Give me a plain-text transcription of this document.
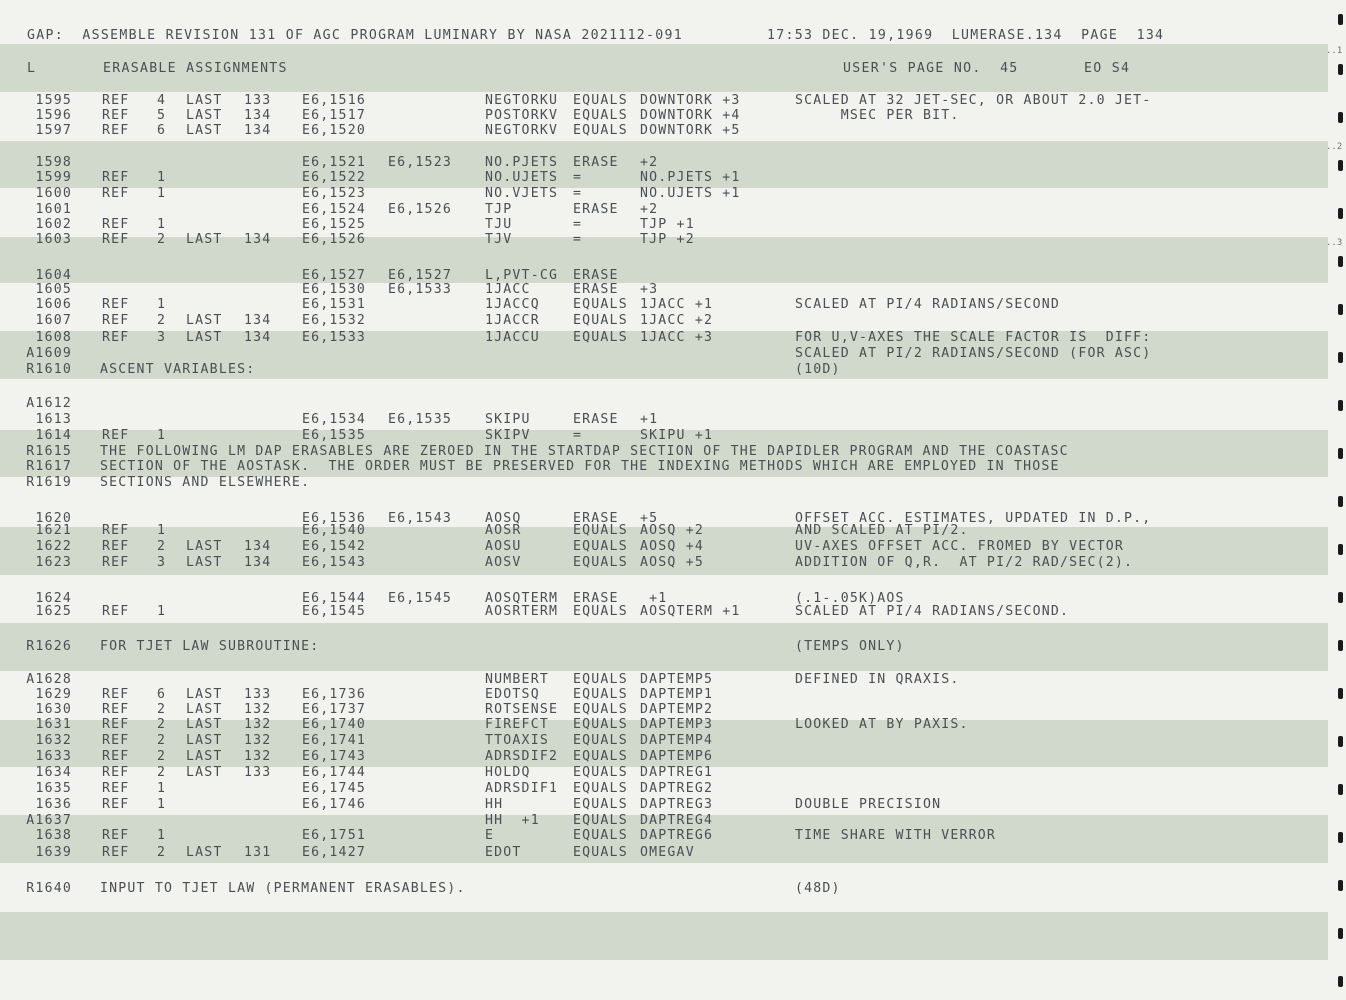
..1
..2
..3

GAP:  ASSEMBLE REVISION 131 OF AGC PROGRAM LUMINARY BY NASA 2021112-091

	17:53 DEC. 19,1969  LUMERASE.134  PAGE  134

L

	ERASABLE ASSIGNMENTS

	USER'S PAGE NO.  45

	EO S4

1595 REF 4 LAST 133 E6,1516	NEGTORKU EQUALS DOWNTORK +3	SCALED AT 32 JET-SEC, OR ABOUT 2.0 JET-
1596 REF 5 LAST 134 E6,1517	POSTORKV EQUALS DOWNTORK +4	MSEC PER BIT.
1597 REF 6 LAST 134 E6,1520	NEGTORKV EQUALS DOWNTORK +5
1598	E6,1521 E6,1523	NO.PJETS ERASE +2
1599 REF 1	E6,1522	NO.UJETS =	NO.PJETS +1
1600 REF 1	E6,1523	NO.VJETS =	NO.UJETS +1
1601	E6,1524 E6,1526	TJP	ERASE +2
1602 REF 1	E6,1525	TJU	=	TJP +1
1603 REF 2 LAST 134 E6,1526	TJV	=	TJP +2
1604	E6,1527 E6,1527	L,PVT-CG ERASE
1605	E6,1530 E6,1533	1JACC	ERASE +3
1606 REF 1	E6,1531	1JACCQ	EQUALS 1JACC +1	SCALED AT PI/4 RADIANS/SECOND
1607 REF 2 LAST 134 E6,1532	1JACCR	EQUALS 1JACC +2
1608 REF 3 LAST 134 E6,1533	1JACCU	EQUALS 1JACC +3	FOR U,V-AXES THE SCALE FACTOR IS  DIFF:
A1609	SCALED AT PI/2 RADIANS/SECOND (FOR ASC)
R1610 ASCENT VARIABLES:	(10D)
A1612
1613	E6,1534 E6,1535	SKIPU	ERASE +1
1614 REF 1	E6,1535	SKIPV	=	SKIPU +1
R1615 THE FOLLOWING LM DAP ERASABLES ARE ZEROED IN THE STARTDAP SECTION OF THE DAPIDLER PROGRAM AND THE COASTASC
R1617 SECTION OF THE AOSTASK.  THE ORDER MUST BE PRESERVED FOR THE INDEXING METHODS WHICH ARE EMPLOYED IN THOSE
R1619 SECTIONS AND ELSEWHERE.
1620	E6,1536 E6,1543	AOSQ	ERASE +5	OFFSET ACC. ESTIMATES, UPDATED IN D.P.,
1621 REF 1	E6,1540	AOSR	EQUALS AOSQ +2	AND SCALED AT PI/2.
1622 REF 2 LAST 134 E6,1542	AOSU	EQUALS AOSQ +4	UV-AXES OFFSET ACC. FROMED BY VECTOR
1623 REF 3 LAST 134 E6,1543	AOSV	EQUALS AOSQ +5	ADDITION OF Q,R.  AT PI/2 RAD/SEC(2).
1624	E6,1544 E6,1545	AOSQTERM ERASE +1	(.1-.05K)AOS
1625 REF 1	E6,1545	AOSRTERM EQUALS AOSQTERM +1	SCALED AT PI/4 RADIANS/SECOND.
R1626 FOR TJET LAW SUBROUTINE:	(TEMPS ONLY)
A1628	NUMBERT EQUALS DAPTEMP5	DEFINED IN QRAXIS.
1629 REF 6 LAST 133 E6,1736	EDOTSQ	EQUALS DAPTEMP1
1630 REF 2 LAST 132 E6,1737	ROTSENSE EQUALS DAPTEMP2
1631 REF 2 LAST 132 E6,1740	FIREFCT EQUALS DAPTEMP3	LOOKED AT BY PAXIS.
1632 REF 2 LAST 132 E6,1741	TTOAXIS EQUALS DAPTEMP4
1633 REF 2 LAST 132 E6,1743	ADRSDIF2 EQUALS DAPTEMP6
1634 REF 2 LAST 133 E6,1744	HOLDQ	EQUALS DAPTREG1
1635 REF 1	E6,1745	ADRSDIF1 EQUALS DAPTREG2
1636 REF 1	E6,1746	HH	EQUALS DAPTREG3	DOUBLE PRECISION
A1637	HH  +1	EQUALS DAPTREG4
1638 REF 1	E6,1751	E	EQUALS DAPTREG6	TIME SHARE WITH VERROR
1639 REF 2 LAST 131 E6,1427	EDOT	EQUALS OMEGAV
R1640 INPUT TO TJET LAW (PERMANENT ERASABLES).	(48D)
